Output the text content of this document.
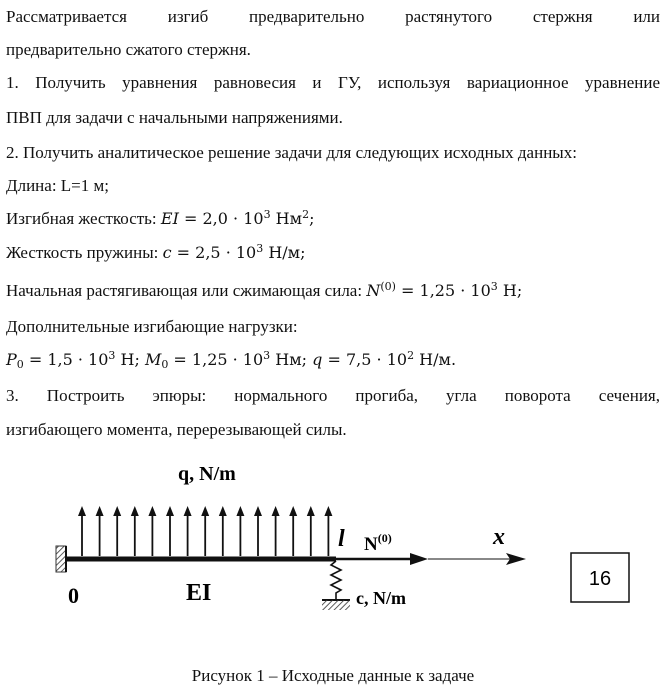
Рассматривается изгиб предварительно растянутого стержня или
предварительно сжатого стержня.
1. Получить уравнения равновесия и ГУ, используя вариационное уравнение
ПВП для задачи с начальными напряжениями.
2. Получить аналитическое решение задачи для следующих исходных данных:
Длина: L=1 м;
Изгибная жесткость: EI = $2,0 \cdot 10^3$ $Нм^2$;
Жесткость пружины: $c = 2,5 \cdot 10^3$ Н/м;
Начальная растягивающая или сжимающая сила: $N^{(0)} = 1,25 \cdot 10^3$ Н;
Дополнительные изгибающие нагрузки:
$P_0 = 1,5 \cdot 10^3$ Н; $M_0 = 1,25 \cdot 10^3$ Нм; $q = 7,5 \cdot 10^2$ Н/м.
3. Построить эпюры: нормального прогиба, угла поворота сечения,
изгибающего момента, перерезывающей силы.
q, N/m
x
0	EI
l $N^{(0)}$
c, N/m
16
Рисунок 1 – Исходные данные к задаче
